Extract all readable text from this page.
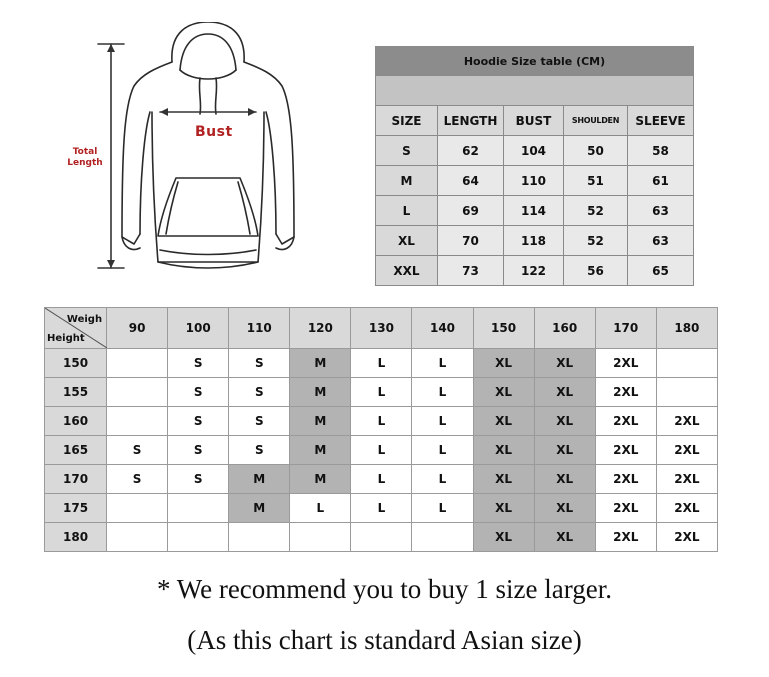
Bust
Total
Length
Hoodie Size table (CM)				

SIZE	LENGTH	BUST	SHOULDEN	SLEEVE
S	62	104	50	58
M	64	110	51	61
L	69	114	52	63
XL	70	118	52	63
XXL	73	122	56	65
Weigh
Height	90	100	110	120	130	140	150	160	170	180
150		S	S	M	L	L	XL	XL	2XL	
155		S	S	M	L	L	XL	XL	2XL	
160		S	S	M	L	L	XL	XL	2XL	2XL
165	S	S	S	M	L	L	XL	XL	2XL	2XL
170	S	S	M	M	L	L	XL	XL	2XL	2XL
175			M	L	L	L	XL	XL	2XL	2XL
180							XL	XL	2XL	2XL
* We recommend you to buy 1 size larger.
(As this chart is standard Asian size)
